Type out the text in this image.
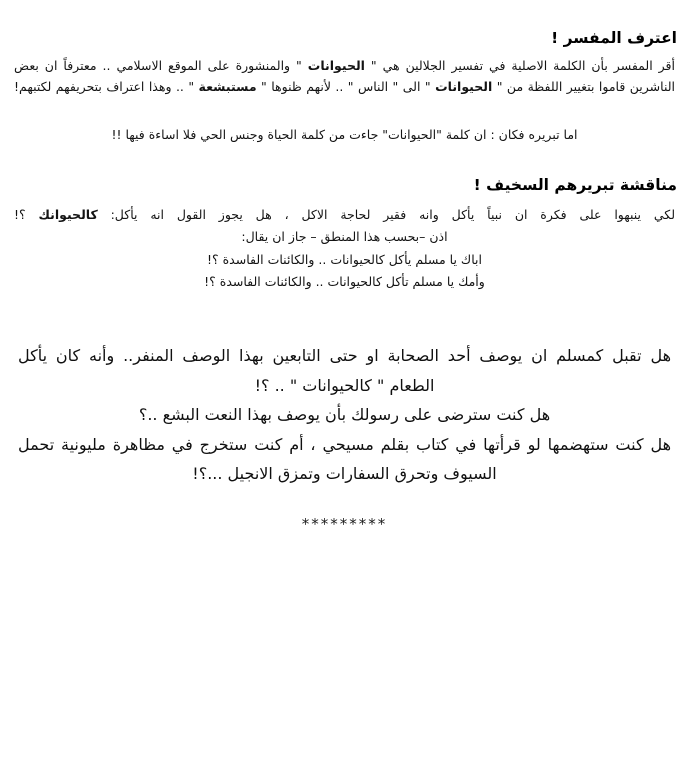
اعترف المفسر !
أقر المفسر بأن الكلمة الاصلية في تفسير الجلالين هي " الحيوانات " والمنشورة على الموقع الاسلامي .. معترفاً ان بعض
الناشرين قاموا بتغيير اللفظة من " الحيوانات " الى " الناس " .. لأنهم ظنوها " مستبشعة " .. وهذا اعتراف بتحريفهم لكتبهم!
اما تبريره فكان : ان كلمة "الحيوانات" جاءت من كلمة الحياة وجنس الحي فلا اساءة فيها !!
مناقشة تبريرهم السخيف !
لكي ينبهوا على فكرة ان نبياً يأكل وانه فقير لحاجة الاكل ، هل يجوز القول انه يأكل: كالحيوانك ؟!
اذن –بحسب هذا المنطق – جاز ان يقال:
اباك يا مسلم يأكل كالحيوانات .. والكائنات الفاسدة ؟!
وأمك يا مسلم تأكل كالحيوانات .. والكائنات الفاسدة ؟!
هل تقبل كمسلم ان يوصف أحد الصحابة او حتى التابعين بهذا الوصف المنفر.. وأنه كان يأكل
الطعام " كالحيوانات " .. ؟!
هل كنت سترضى على رسولك بأن يوصف بهذا النعت البشع ..؟
هل كنت ستهضمها لو قرأتها في كتاب بقلم مسيحي ، أم كنت ستخرج في مظاهرة مليونية تحمل
السيوف وتحرق السفارات وتمزق الانجيل ...؟!
*********
